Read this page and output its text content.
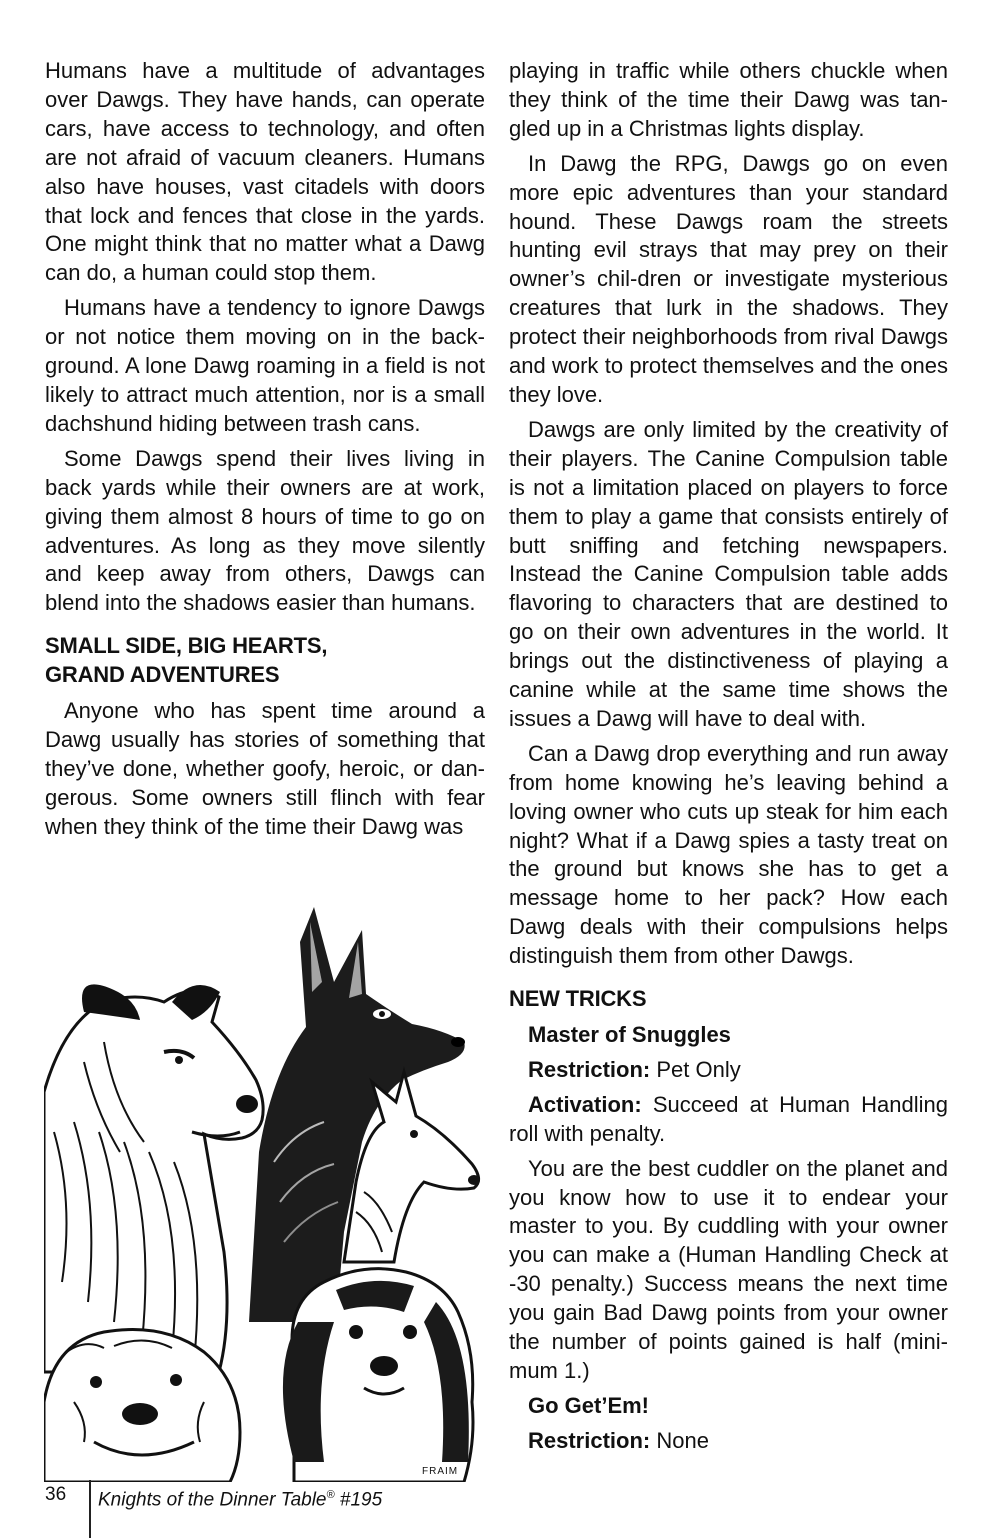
Humans have a multitude of advantages over Dawgs. They have hands, can operate cars, have access to technology, and often are not afraid of vacuum cleaners. Humans also have houses, vast citadels with doors that lock and fences that close in the yards. One might think that no matter what a Dawg can do, a human could stop them.

Humans have a tendency to ignore Dawgs or not notice them moving on in the back-ground. A lone Dawg roaming in a field is not likely to attract much attention, nor is a small dachshund hiding between trash cans.

Some Dawgs spend their lives living in back yards while their owners are at work, giving them almost 8 hours of time to go on adventures. As long as they move silently and keep away from others, Dawgs can blend into the shadows easier than humans.

SMALL SIDE, BIG HEARTS,
GRAND ADVENTURES

Anyone who has spent time around a Dawg usually has stories of something that they’ve done, whether goofy, heroic, or dan-gerous. Some owners still flinch with fear when they think of the time their Dawg was

playing in traffic while others chuckle when they think of the time their Dawg was tan-gled up in a Christmas lights display.

In Dawg the RPG, Dawgs go on even more epic adventures than your standard hound. These Dawgs roam the streets hunting evil strays that may prey on their owner’s chil-dren or investigate mysterious creatures that lurk in the shadows. They protect their neighborhoods from rival Dawgs and work to protect themselves and the ones they love.

Dawgs are only limited by the creativity of their players. The Canine Compulsion table is not a limitation placed on players to force them to play a game that consists entirely of butt sniffing and fetching newspapers. Instead the Canine Compulsion table adds flavoring to characters that are destined to go on their own adventures in the world. It brings out the distinctiveness of playing a canine while at the same time shows the issues a Dawg will have to deal with.

Can a Dawg drop everything and run away from home knowing he’s leaving behind a loving owner who cuts up steak for him each night? What if a Dawg spies a tasty treat on the ground but knows she has to get a message home to her pack? How each Dawg deals with their compulsions helps distinguish them from other Dawgs.

NEW TRICKS

Master of Snuggles

Restriction: Pet Only

Activation: Succeed at Human Handling roll with penalty.

You are the best cuddler on the planet and you know how to use it to endear your master to you. By cuddling with your owner you can make a (Human Handling Check at -30 penalty.) Success means the next time you gain Bad Dawg points from your owner the number of points gained is half (mini-mum 1.)

Go Get’Em!

Restriction: None

FRAIM
36 Knights of the Dinner Table® #195
